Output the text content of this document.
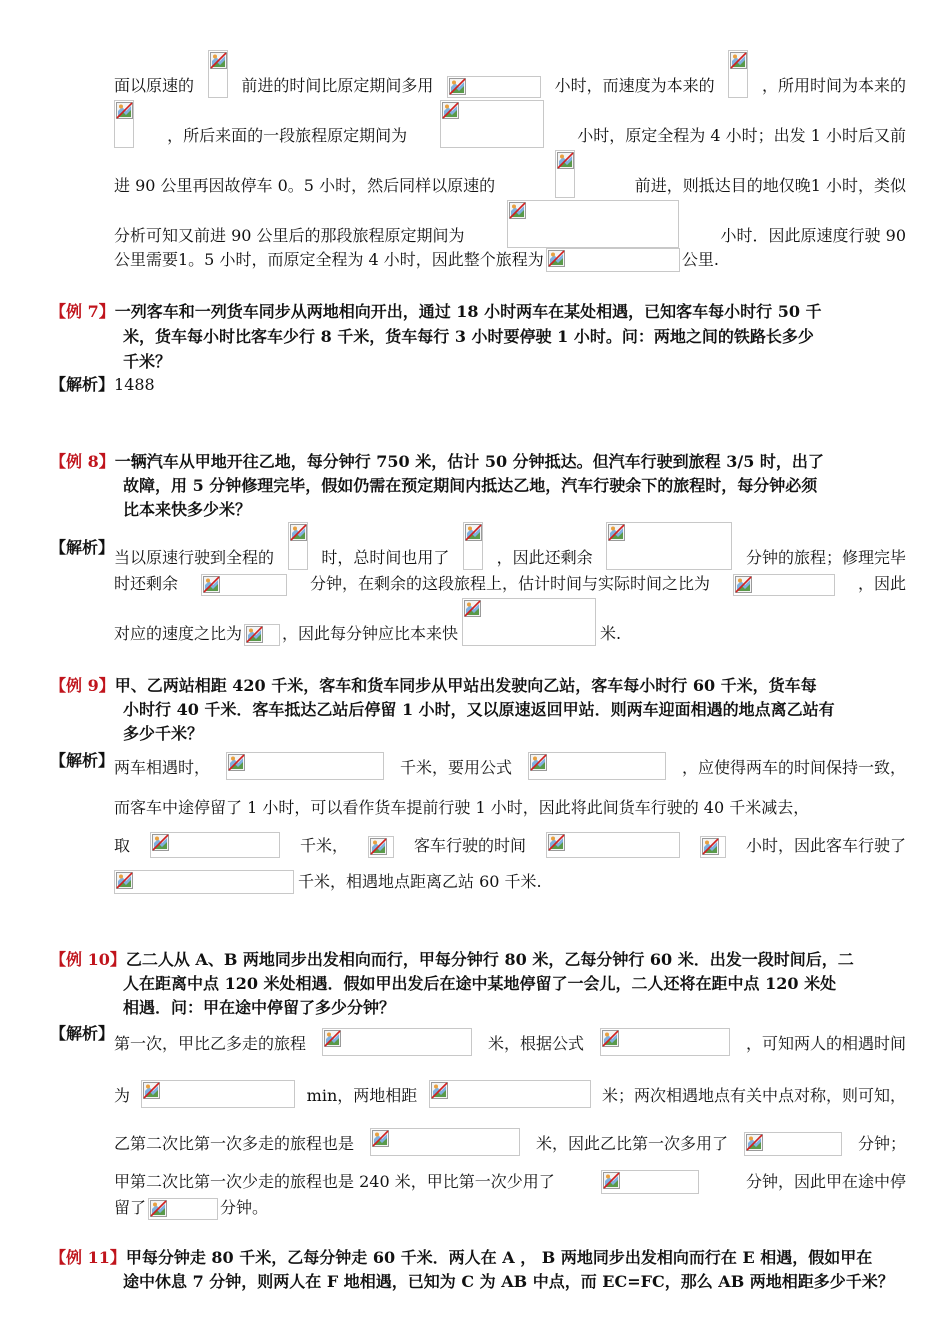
面以原速的	前进的时间比原定期间多用	小时，而速度为本来的	，所用时间为本来的
，所后来面的一段旅程原定期间为	小时，原定全程为 4 小时；出发 1 小时后又前
进 90 公里再因故停车 0。5 小时，然后同样以原速的	前进，则抵达目的地仅晚1 小时，类似
分析可知又前进 90 公里后的那段旅程原定期间为	小时．因此原速度行驶 90
公里需要1。5 小时，而原定全程为 4 小时，因此整个旅程为	公里.
【例 7】一列客车和一列货车同步从两地相向开出，通过 18 小时两车在某处相遇，已知客车每小时行 50 千
米，货车每小时比客车少行 8 千米，货车每行 3 小时要停驶 1 小时。问：两地之间的铁路长多少
千米？
【解析】1488
【例 8】一辆汽车从甲地开往乙地，每分钟行 750 米，估计 50 分钟抵达。但汽车行驶到旅程 3/5 时，出了
故障，用 5 分钟修理完毕，假如仍需在预定期间内抵达乙地，汽车行驶余下的旅程时，每分钟必须
比本来快多少米？
【解析】
当以原速行驶到全程的	时，总时间也用了	，因此还剩余	分钟的旅程；修理完毕
时还剩余	分钟，在剩余的这段旅程上，估计时间与实际时间之比为	，因此
对应的速度之比为	，因此每分钟应比本来快	米.
【例 9】甲、乙两站相距 420 千米，客车和货车同步从甲站出发驶向乙站，客车每小时行 60 千米，货车每
小时行 40 千米．客车抵达乙站后停留 1 小时，又以原速返回甲站．则两车迎面相遇的地点离乙站有
多少千米？
【解析】 两车相遇时，	千米，要用公式	，应使得两车的时间保持一致，
而客车中途停留了 1 小时，可以看作货车提前行驶 1 小时，因此将此间货车行驶的 40 千米减去，
取	千米，	客车行驶的时间	小时，因此客车行驶了
千米，相遇地点距离乙站 60 千米.
【例 10】乙二人从 A、B 两地同步出发相向而行，甲每分钟行 80 米，乙每分钟行 60 米．出发一段时间后，二
人在距离中点 120 米处相遇．假如甲出发后在途中某地停留了一会儿，二人还将在距中点 120 米处
相遇．问：甲在途中停留了多少分钟？
【解析】
第一次，甲比乙多走的旅程	米，根据公式	，可知两人的相遇时间
为	min，两地相距	米；两次相遇地点有关中点对称，则可知，
乙第二次比第一次多走的旅程也是	米，因此乙比第一次多用了	分钟；
甲第二次比第一次少走的旅程也是 240 米，甲比第一次少用了	分钟，因此甲在途中停
留了	分钟。
【例 11】甲每分钟走 80 千米，乙每分钟走 60 千米．两人在 A ， B 两地同步出发相向而行在 E 相遇，假如甲在
途中休息 7 分钟，则两人在 F 地相遇，已知为 C 为 AB 中点，而 EC=FC，那么 AB 两地相距多少千米？
